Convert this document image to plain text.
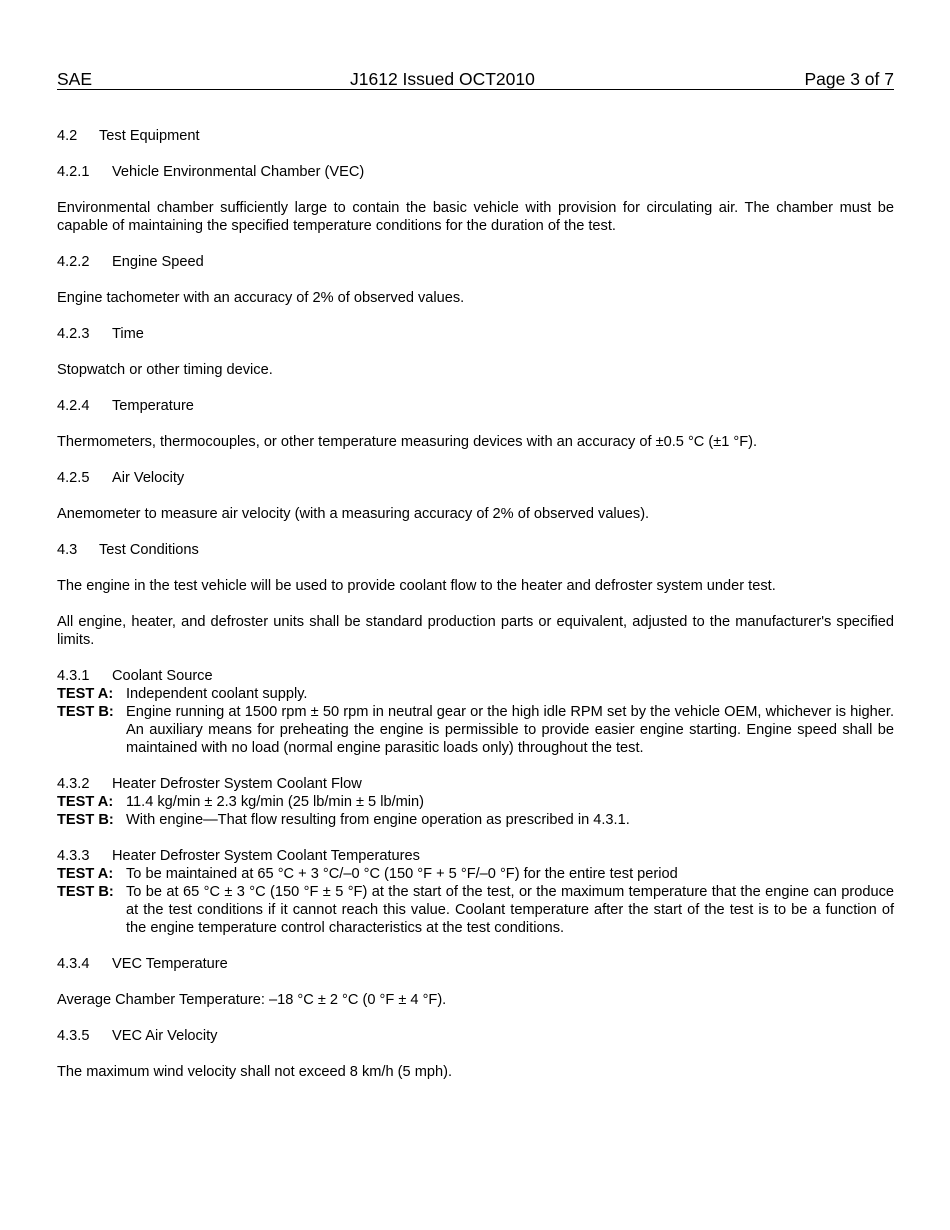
SAE	J1612 Issued OCT2010	Page 3 of 7
4.2 Test Equipment
4.2.1 Vehicle Environmental Chamber (VEC)

Environmental chamber sufficiently large to contain the basic vehicle with provision for circulating air. The chamber must be capable of maintaining the specified temperature conditions for the duration of the test.

4.2.2 Engine Speed

Engine tachometer with an accuracy of 2% of observed values.

4.2.3 Time

Stopwatch or other timing device.

4.2.4 Temperature

Thermometers, thermocouples, or other temperature measuring devices with an accuracy of ±0.5 °C (±1 °F).

4.2.5 Air Velocity

Anemometer to measure air velocity (with a measuring accuracy of 2% of observed values).

4.3 Test Conditions

The engine in the test vehicle will be used to provide coolant flow to the heater and defroster system under test.

All engine, heater, and defroster units shall be standard production parts or equivalent, adjusted to the manufacturer's specified limits.

4.3.1 Coolant Source
TEST A: Independent coolant supply.
TEST B: Engine running at 1500 rpm ± 50 rpm in neutral gear or the high idle RPM set by the vehicle OEM, whichever is higher. An auxiliary means for preheating the engine is permissible to provide easier engine starting. Engine speed shall be maintained with no load (normal engine parasitic loads only) throughout the test.
4.3.2 Heater Defroster System Coolant Flow
TEST A: 11.4 kg/min ± 2.3 kg/min (25 lb/min ± 5 lb/min)
TEST B: With engine—That flow resulting from engine operation as prescribed in 4.3.1.
4.3.3 Heater Defroster System Coolant Temperatures
TEST A: To be maintained at 65 °C + 3 °C/–0 °C (150 °F + 5 °F/–0 °F) for the entire test period
TEST B: To be at 65 °C ± 3 °C (150 °F ± 5 °F) at the start of the test, or the maximum temperature that the engine can produce at the test conditions if it cannot reach this value. Coolant temperature after the start of the test is to be a function of the engine temperature control characteristics at the test conditions.
4.3.4 VEC Temperature

Average Chamber Temperature: –18 °C ± 2 °C (0 °F ± 4 °F).

4.3.5 VEC Air Velocity

The maximum wind velocity shall not exceed 8 km/h (5 mph).
